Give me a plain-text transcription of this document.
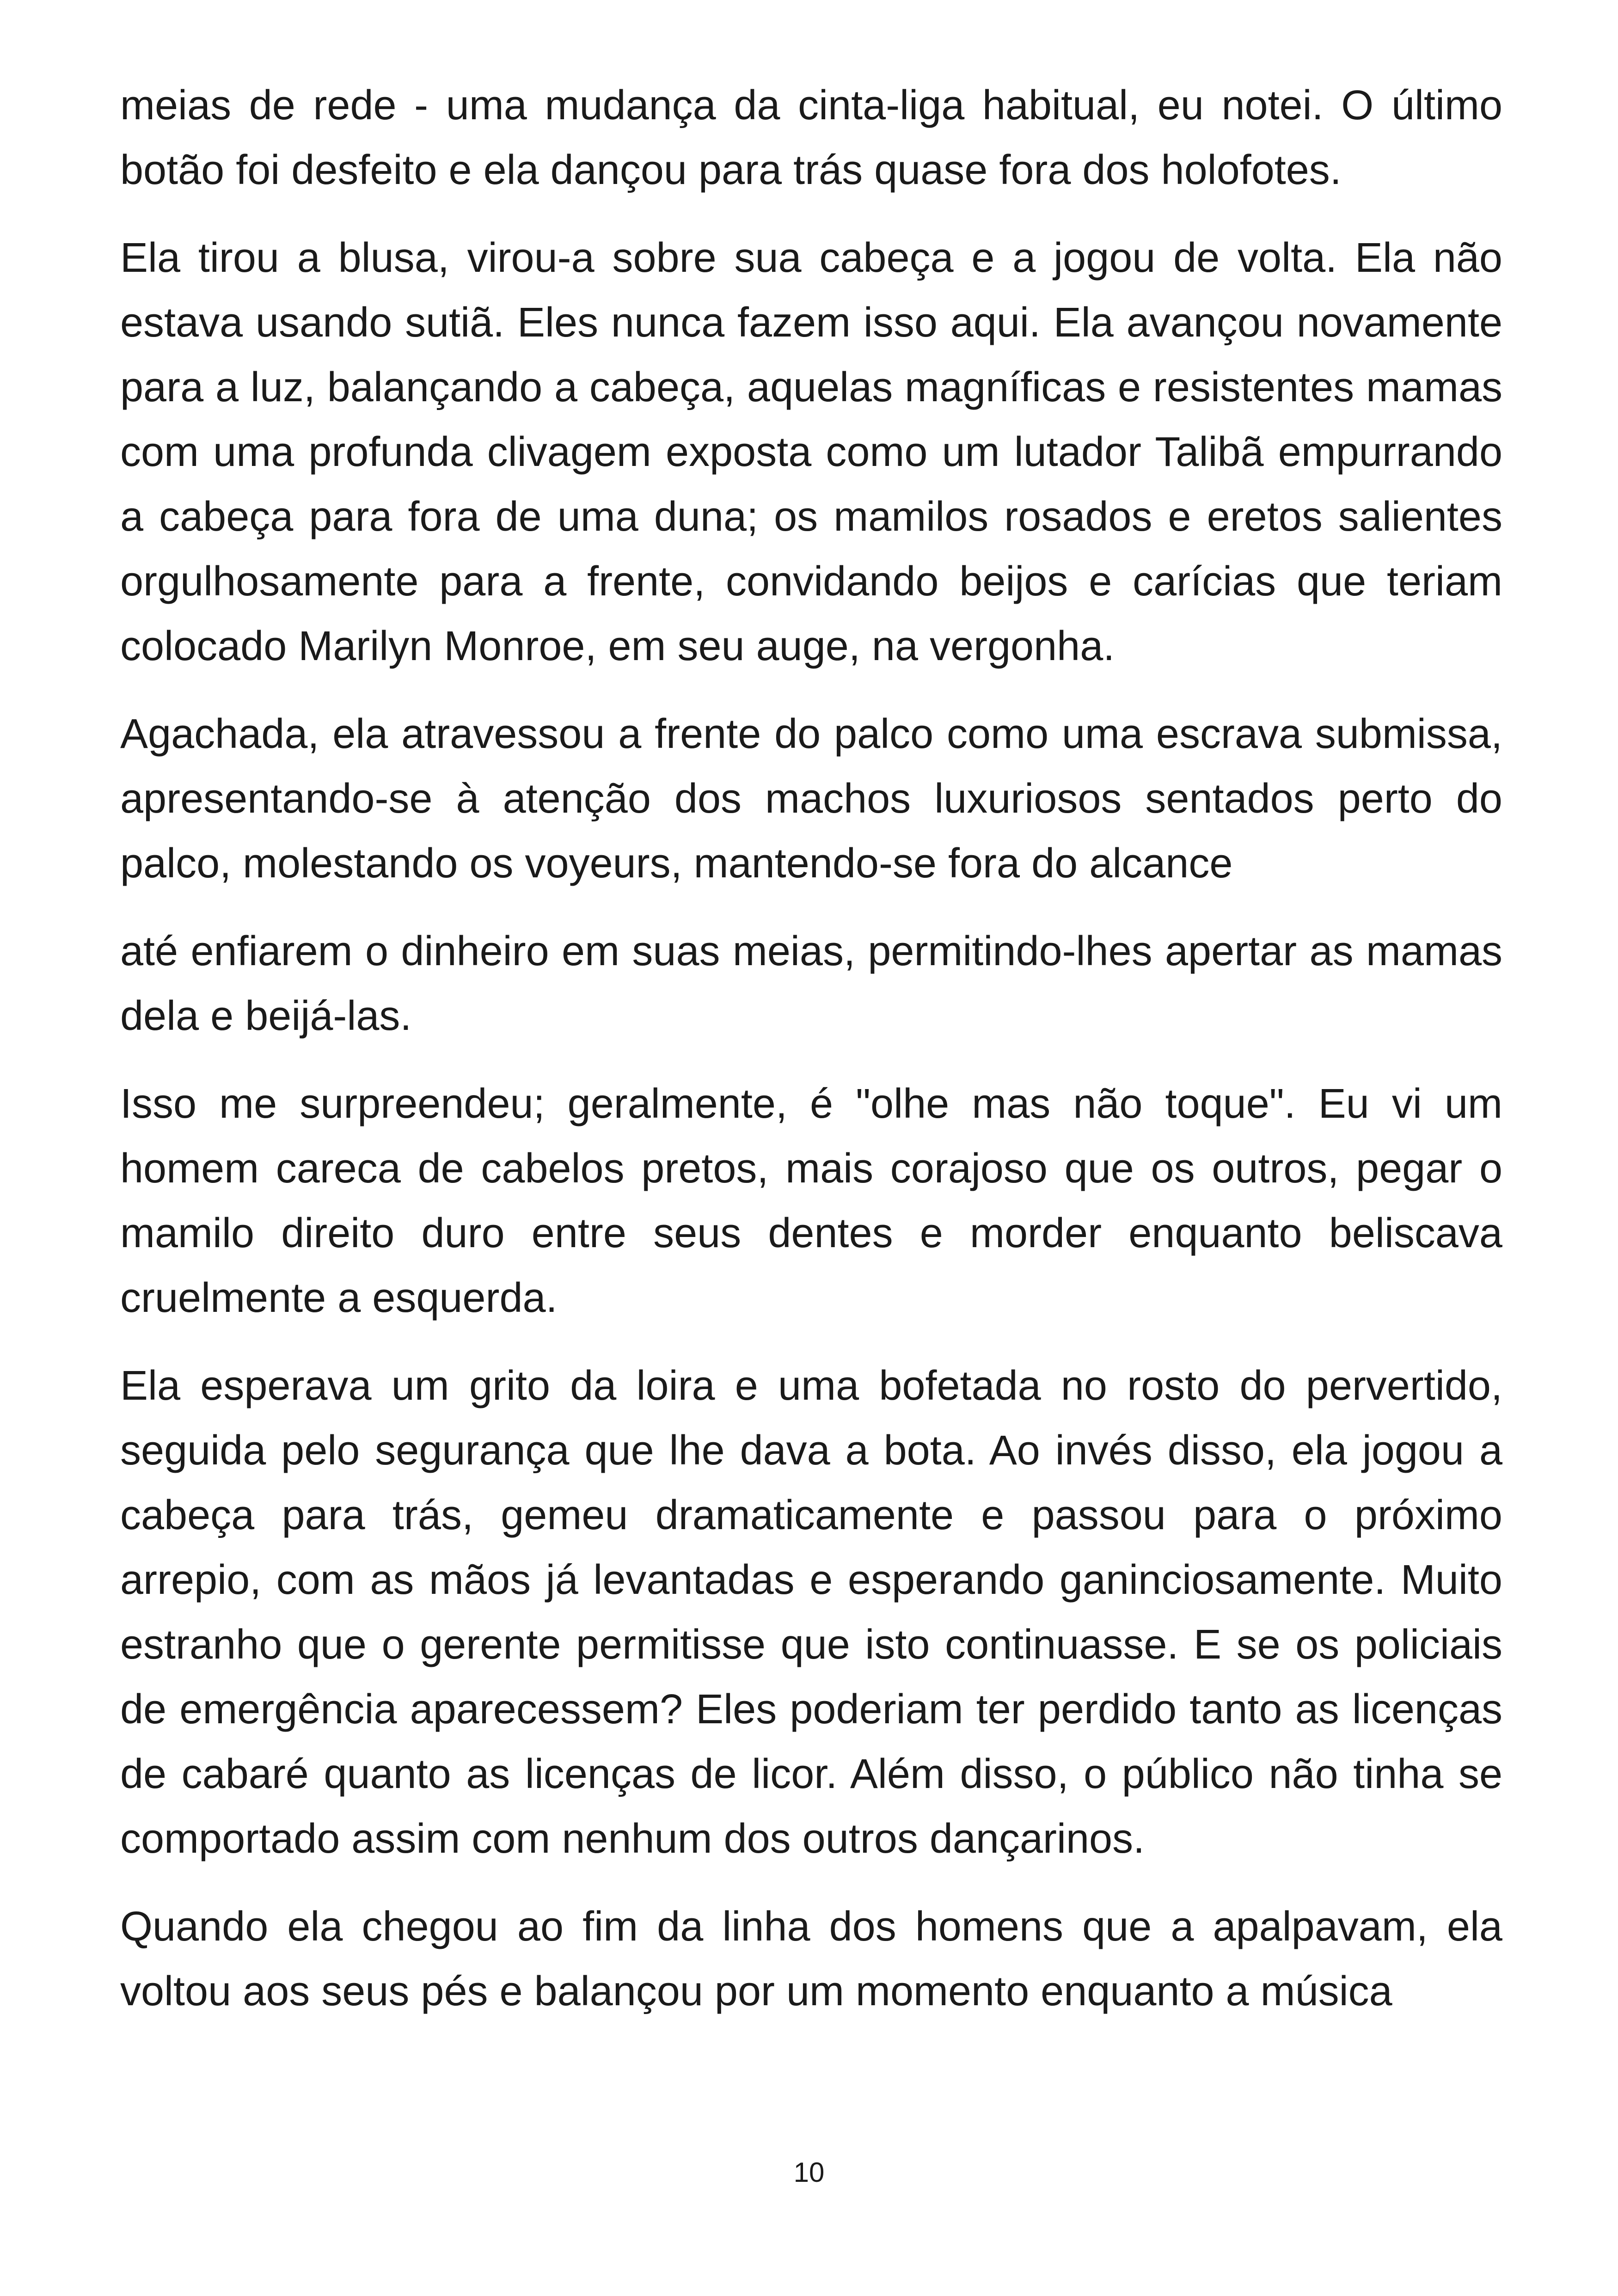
meias de rede - uma mudança da cinta-liga habitual, eu notei. O último botão foi desfeito e ela dançou para trás quase fora dos holofotes.

Ela tirou a blusa, virou-a sobre sua cabeça e a jogou de volta. Ela não estava usando sutiã. Eles nunca fazem isso aqui. Ela avançou novamente para a luz, balançando a cabeça, aquelas magníficas e resistentes mamas com uma profunda clivagem exposta como um lutador Talibã empurrando a cabeça para fora de uma duna; os mamilos rosados e eretos salientes orgulhosamente para a frente, convidando beijos e carícias que teriam colocado Marilyn Monroe, em seu auge, na vergonha.

Agachada, ela atravessou a frente do palco como uma escrava submissa, apresentando-se à atenção dos machos luxuriosos sentados perto do palco, molestando os voyeurs, mantendo-se fora do alcance

até enfiarem o dinheiro em suas meias, permitindo-lhes apertar as mamas dela e beijá-las.

Isso me surpreendeu; geralmente, é "olhe mas não toque". Eu vi um homem careca de cabelos pretos, mais corajoso que os outros, pegar o mamilo direito duro entre seus dentes e morder enquanto beliscava cruelmente a esquerda.

Ela esperava um grito da loira e uma bofetada no rosto do pervertido, seguida pelo segurança que lhe dava a bota. Ao invés disso, ela jogou a cabeça para trás, gemeu dramaticamente e passou para o próximo arrepio, com as mãos já levantadas e esperando ganinciosamente. Muito estranho que o gerente permitisse que isto continuasse. E se os policiais de emergência aparecessem? Eles poderiam ter perdido tanto as licenças de cabaré quanto as licenças de licor. Além disso, o público não tinha se comportado assim com nenhum dos outros dançarinos.

Quando ela chegou ao fim da linha dos homens que a apalpavam, ela voltou aos seus pés e balançou por um momento enquanto a música

10
